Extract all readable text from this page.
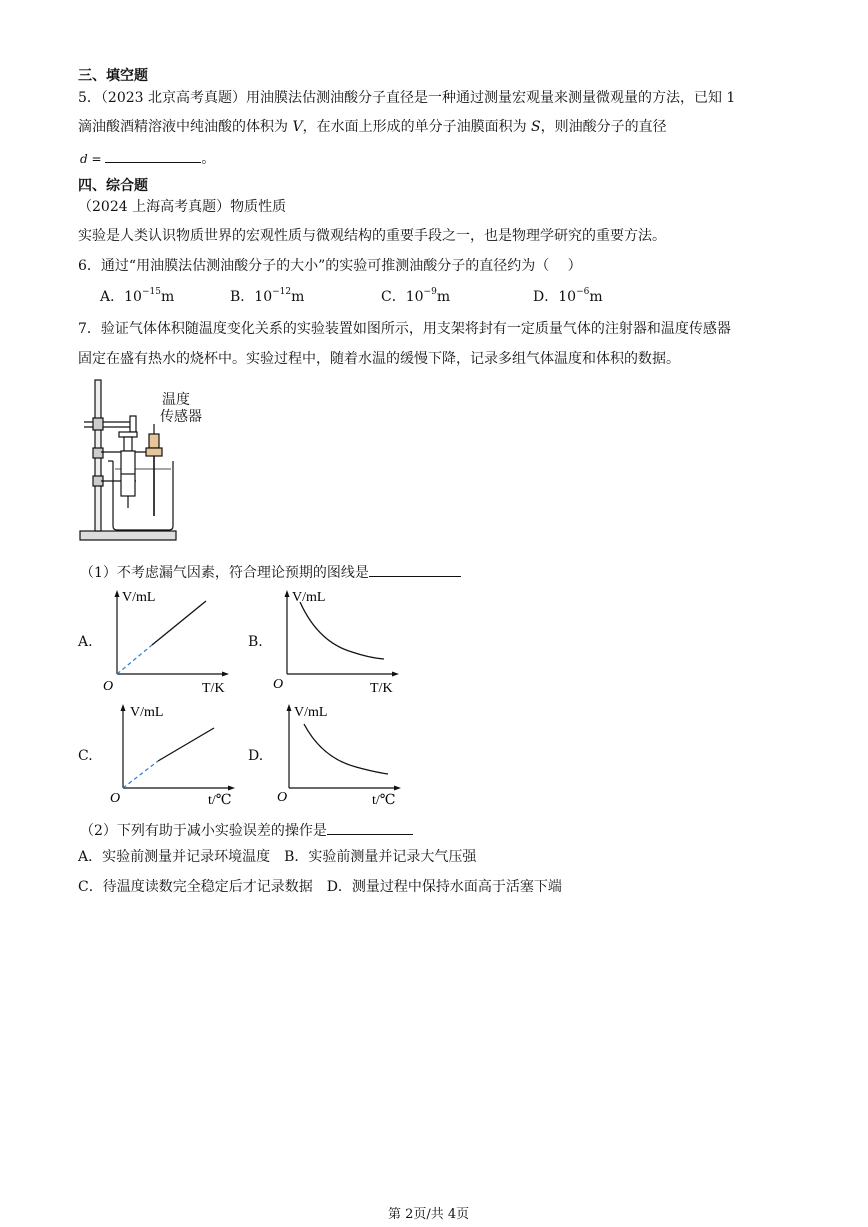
三、填空题
5．（2023 北京高考真题）用油膜法估测油酸分子直径是一种通过测量宏观量来测量微观量的方法，已知 1
滴油酸酒精溶液中纯油酸的体积为 V，在水面上形成的单分子油膜面积为 S，则油酸分子的直径
d =	。
四、综合题
（2024 上海高考真题）物质性质
实验是人类认识物质世界的宏观性质与微观结构的重要手段之一，也是物理学研究的重要方法。
6．通过“用油膜法估测油酸分子的大小”的实验可推测油酸分子的直径约为（　 ）
A．$10^{-15}m$	B．$10^{-12}m$	C．$10^{-9}m$	D．$10^{-6}m$
7．验证气体体积随温度变化关系的实验装置如图所示，用支架将封有一定质量气体的注射器和温度传感器
固定在盛有热水的烧杯中。实验过程中，随着水温的缓慢下降，记录多组气体温度和体积的数据。
温度
传感器
（1）不考虑漏气因素，符合理论预期的图线是
A.
V/mL
O	T/K
B.
V/mL
O	T/K
C.
V/mL
O	t/℃
D.
V/mL
O	t/℃
（2）下列有助于减小实验误差的操作是
A．实验前测量并记录环境温度　B．实验前测量并记录大气压强
C．待温度读数完全稳定后才记录数据　D．测量过程中保持水面高于活塞下端
第 2页/共 4页
